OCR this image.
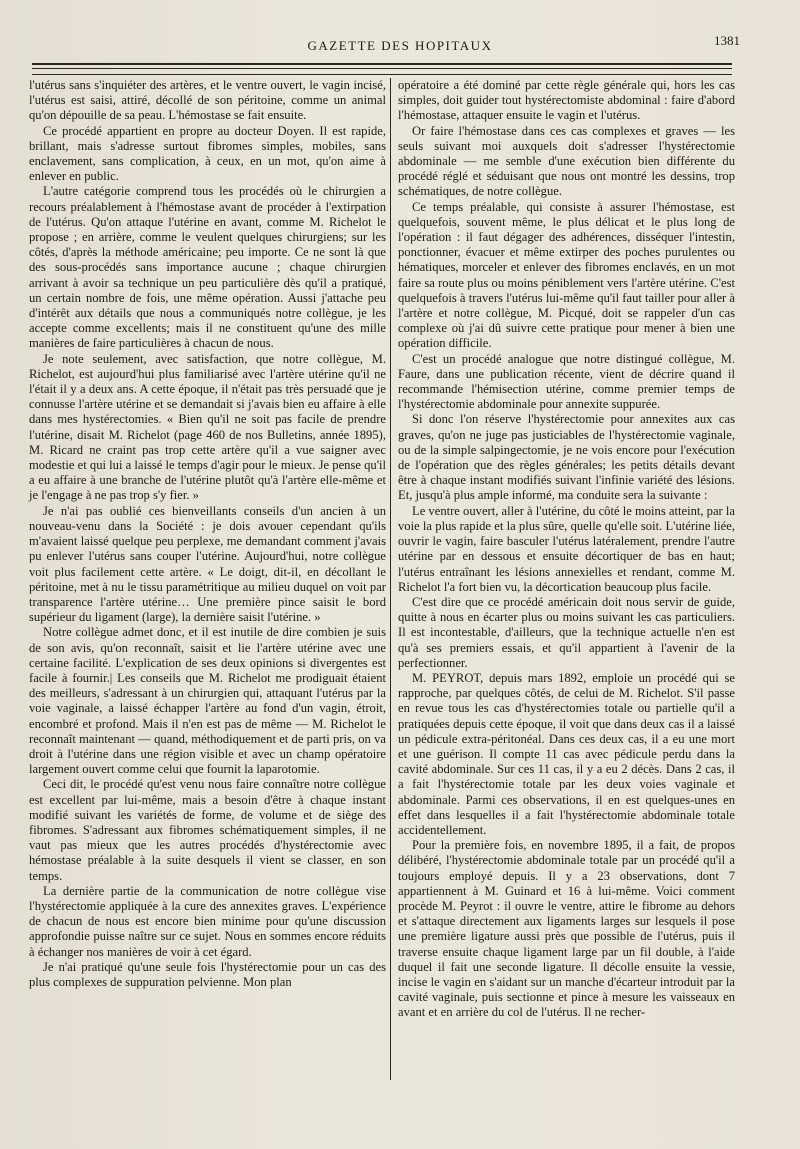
GAZETTE DES HOPITAUX	1381

l'utérus sans s'inquiéter des artères, et le ventre ouvert, le vagin incisé, l'utérus est saisi, attiré, décollé de son péritoine, comme un animal qu'on dépouille de sa peau. L'hémostase se fait ensuite.

Ce procédé appartient en propre au docteur Doyen. Il est rapide, brillant, mais s'adresse surtout fibromes simples, mobiles, sans enclavement, sans complication, à ceux, en un mot, qu'on aime à enlever en public.

L'autre catégorie comprend tous les procédés où le chirurgien a recours préalablement à l'hémostase avant de procéder à l'extirpation de l'utérus. Qu'on attaque l'utérine en avant, comme M. Richelot le propose ; en arrière, comme le veulent quelques chirurgiens; sur les côtés, d'après la méthode américaine; peu importe. Ce ne sont là que des sous-procédés sans importance aucune ; chaque chirurgien arrivant à avoir sa technique un peu particulière dès qu'il a pratiqué, un certain nombre de fois, une même opération. Aussi j'attache peu d'intérêt aux détails que nous a communiqués notre collègue, je les accepte comme excellents; mais il ne constituent qu'une des mille manières de faire particulières à chacun de nous.

Je note seulement, avec satisfaction, que notre collègue, M. Richelot, est aujourd'hui plus familiarisé avec l'artère utérine qu'il ne l'était il y a deux ans. A cette époque, il n'était pas très persuadé que je connusse l'artère utérine et se demandait si j'avais bien eu affaire à elle dans mes hystérectomies. « Bien qu'il ne soit pas facile de prendre l'utérine, disait M. Richelot (page 460 de nos Bulletins, année 1895), M. Ricard ne craint pas trop cette artère qu'il a vue saigner avec modestie et qui lui a laissé le temps d'agir pour le mieux. Je pense qu'il a eu affaire à une branche de l'utérine plutôt qu'à l'artère elle-même et je l'engage à ne pas trop s'y fier. »

Je n'ai pas oublié ces bienveillants conseils d'un ancien à un nouveau-venu dans la Société : je dois avouer cependant qu'ils m'avaient laissé quelque peu perplexe, me demandant comment j'avais pu enlever l'utérus sans couper l'utérine. Aujourd'hui, notre collègue voit plus facilement cette artère. « Le doigt, dit-il, en décollant le péritoine, met à nu le tissu paramétritique au milieu duquel on voit par transparence l'artère utérine… Une première pince saisit le bord supérieur du ligament (large), la dernière saisit l'utérine. »

Notre collègue admet donc, et il est inutile de dire combien je suis de son avis, qu'on reconnaît, saisit et lie l'artère utérine avec une certaine facilité. L'explication de ses deux opinions si divergentes est facile à fournir.| Les conseils que M. Richelot me prodiguait étaient des meilleurs, s'adressant à un chirurgien qui, attaquant l'utérus par la voie vaginale, a laissé échapper l'artère au fond d'un vagin, étroit, encombré et profond. Mais il n'en est pas de même — M. Richelot le reconnaît maintenant — quand, méthodiquement et de parti pris, on va droit à l'utérine dans une région visible et avec un champ opératoire largement ouvert comme celui que fournit la laparotomie.

Ceci dit, le procédé qu'est venu nous faire connaître notre collègue est excellent par lui-même, mais a besoin d'être à chaque instant modifié suivant les variétés de forme, de volume et de siège des fibromes. S'adressant aux fibromes schématiquement simples, il ne vaut pas mieux que les autres procédés d'hystérectomie avec hémostase préalable à la suite desquels il vient se classer, en son temps.

La dernière partie de la communication de notre collègue vise l'hystérectomie appliquée à la cure des annexites graves. L'expérience de chacun de nous est encore bien minime pour qu'une discussion approfondie puisse naître sur ce sujet. Nous en sommes encore réduits à échanger nos manières de voir à cet égard.

Je n'ai pratiqué qu'une seule fois l'hystérectomie pour un cas des plus complexes de suppuration pelvienne. Mon plan

opératoire a été dominé par cette règle générale qui, hors les cas simples, doit guider tout hystérectomiste abdominal : faire d'abord l'hémostase, attaquer ensuite le vagin et l'utérus.

Or faire l'hémostase dans ces cas complexes et graves — les seuls suivant moi auxquels doit s'adresser l'hystérectomie abdominale — me semble d'une exécution bien différente du procédé réglé et séduisant que nous ont montré les dessins, trop schématiques, de notre collègue.

Ce temps préalable, qui consiste à assurer l'hémostase, est quelquefois, souvent même, le plus délicat et le plus long de l'opération : il faut dégager des adhérences, disséquer l'intestin, ponctionner, évacuer et même extirper des poches purulentes ou hématiques, morceler et enlever des fibromes enclavés, en un mot faire sa route plus ou moins péniblement vers l'artère utérine. C'est quelquefois à travers l'utérus lui-même qu'il faut tailler pour aller à l'artère et notre collègue, M. Picqué, doit se rappeler d'un cas complexe où j'ai dû suivre cette pratique pour mener à bien une opération difficile.

C'est un procédé analogue que notre distingué collègue, M. Faure, dans une publication récente, vient de décrire quand il recommande l'hémisection utérine, comme premier temps de l'hystérectomie abdominale pour annexite suppurée.

Si donc l'on réserve l'hystérectomie pour annexites aux cas graves, qu'on ne juge pas justiciables de l'hystérectomie vaginale, ou de la simple salpingectomie, je ne vois encore pour l'exécution de l'opération que des règles générales; les petits détails devant être à chaque instant modifiés suivant l'infinie variété des lésions. Et, jusqu'à plus ample informé, ma conduite sera la suivante :

Le ventre ouvert, aller à l'utérine, du côté le moins atteint, par la voie la plus rapide et la plus sûre, quelle qu'elle soit. L'utérine liée, ouvrir le vagin, faire basculer l'utérus latéralement, prendre l'autre utérine par en dessous et ensuite décortiquer de bas en haut; l'utérus entraînant les lésions annexielles et rendant, comme M. Richelot l'a fort bien vu, la décortication beaucoup plus facile.

C'est dire que ce procédé américain doit nous servir de guide, quitte à nous en écarter plus ou moins suivant les cas particuliers. Il est incontestable, d'ailleurs, que la technique actuelle n'en est qu'à ses premiers essais, et qu'il appartient à l'avenir de la perfectionner.

M. PEYROT, depuis mars 1892, emploie un procédé qui se rapproche, par quelques côtés, de celui de M. Richelot. S'il passe en revue tous les cas d'hystérectomies totale ou partielle qu'il a pratiquées depuis cette époque, il voit que dans deux cas il a laissé un pédicule extra-péritonéal. Dans ces deux cas, il a eu une mort et une guérison. Il compte 11 cas avec pédicule perdu dans la cavité abdominale. Sur ces 11 cas, il y a eu 2 décès. Dans 2 cas, il a fait l'hystérectomie totale par les deux voies vaginale et abdominale. Parmi ces observations, il en est quelques-unes en effet dans lesquelles il a fait l'hystérectomie abdominale totale accidentellement.

Pour la première fois, en novembre 1895, il a fait, de propos délibéré, l'hystérectomie abdominale totale par un procédé qu'il a toujours employé depuis. Il y a 23 observations, dont 7 appartiennent à M. Guinard et 16 à lui-même. Voici comment procède M. Peyrot : il ouvre le ventre, attire le fibrome au dehors et s'attaque directement aux ligaments larges sur lesquels il pose une première ligature aussi près que possible de l'utérus, puis il traverse ensuite chaque ligament large par un fil double, à l'aide duquel il fait une seconde ligature. Il décolle ensuite la vessie, incise le vagin en s'aidant sur un manche d'écarteur introduit par la cavité vaginale, puis sectionne et pince à mesure les vaisseaux en avant et en arrière du col de l'utérus. Il ne recher-
